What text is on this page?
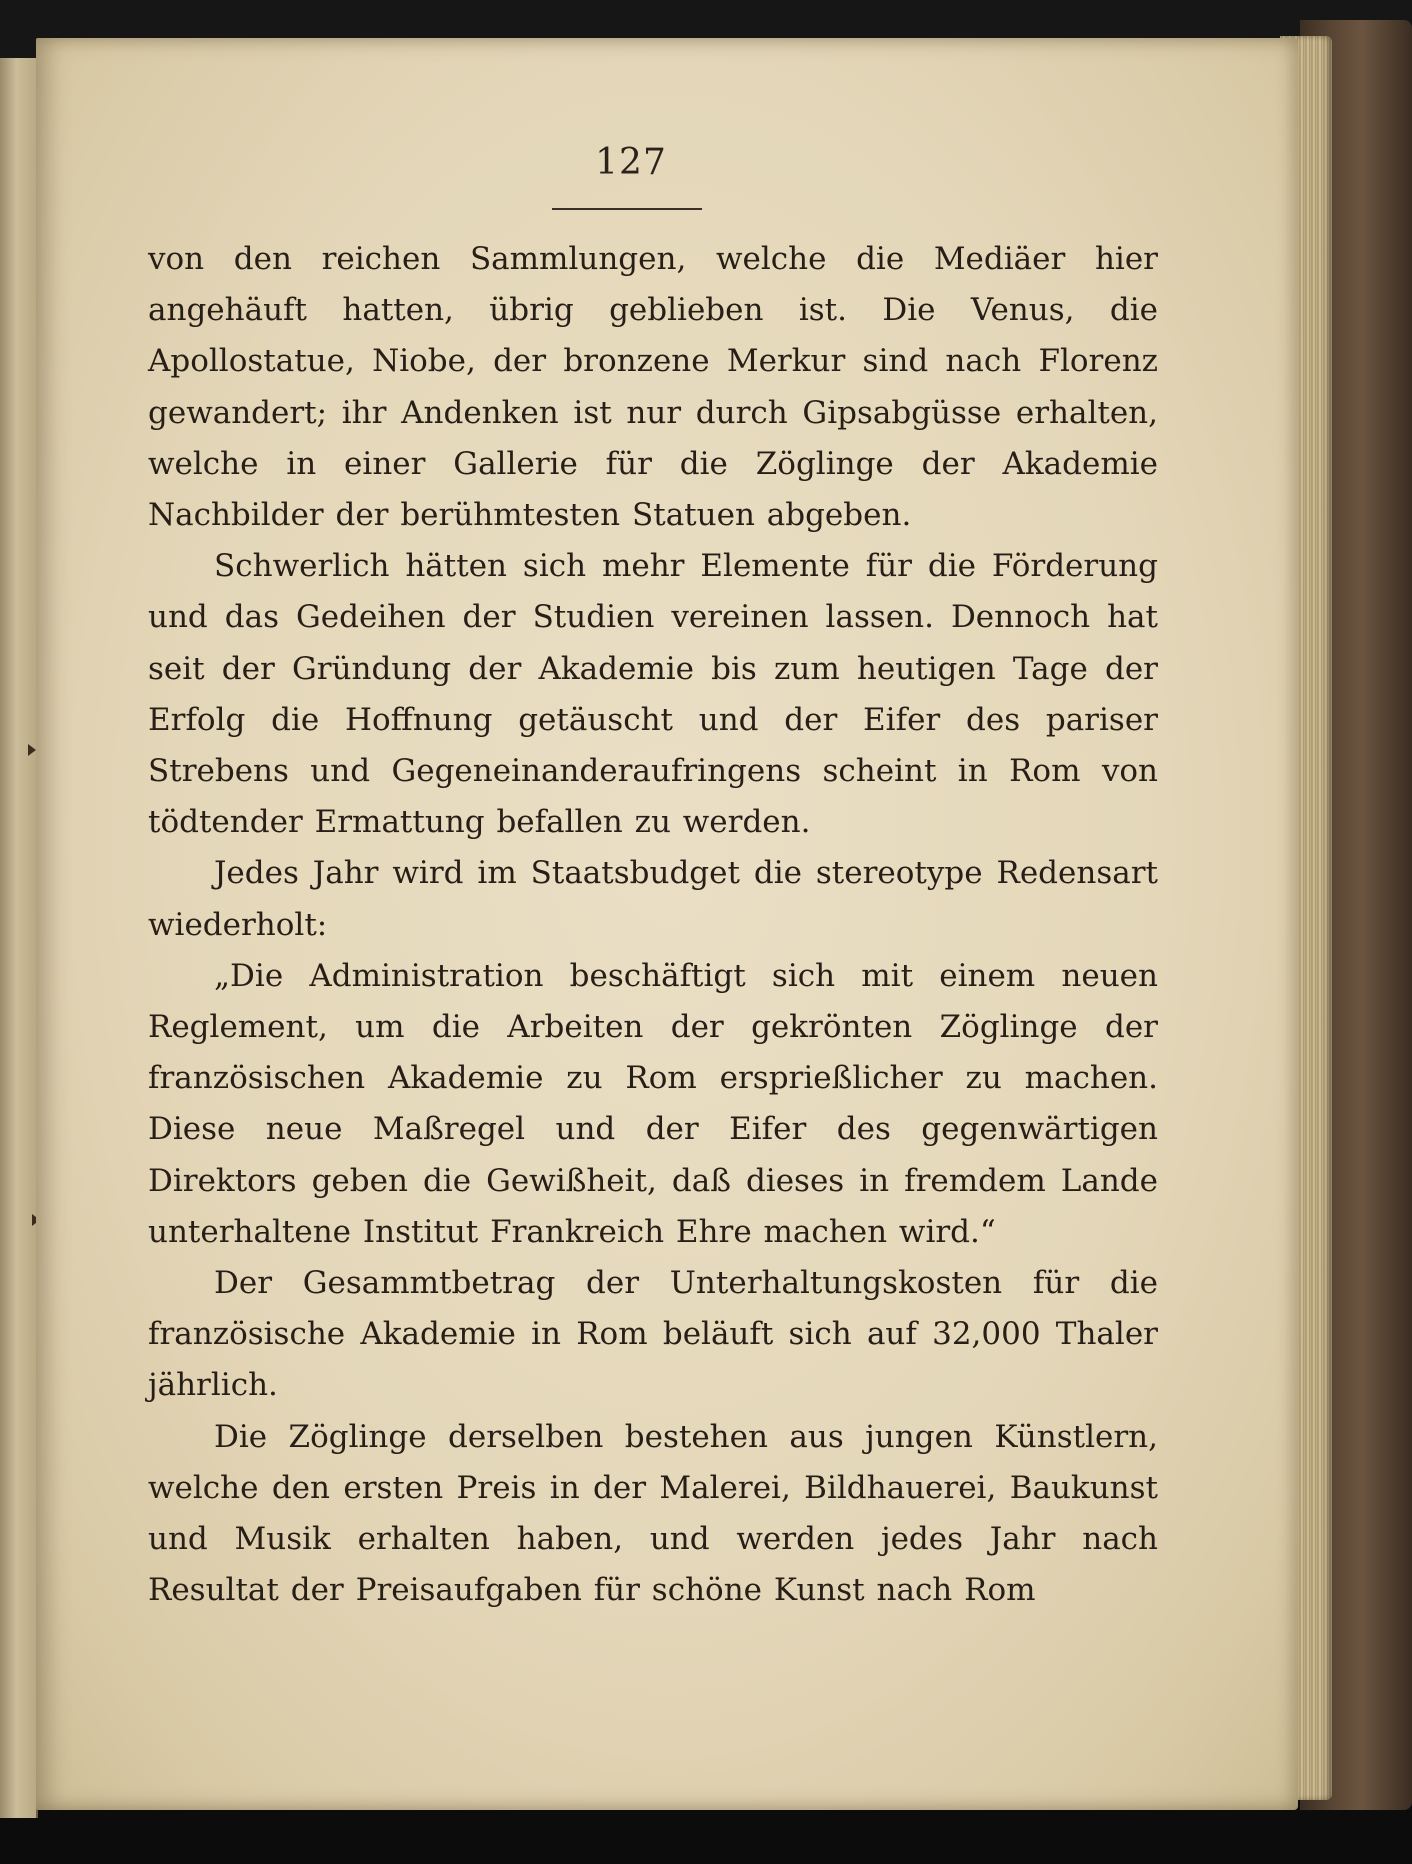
127

von den reichen Sammlungen, welche die Mediäer hier angehäuft hatten, übrig geblieben ist. Die Venus, die Apollostatue, Niobe, der bronzene Merkur sind nach Florenz gewandert; ihr Andenken ist nur durch Gipsabgüsse erhalten, welche in einer Gallerie für die Zöglinge der Akademie Nachbilder der berühmtesten Statuen abgeben.

Schwerlich hätten sich mehr Elemente für die Förderung und das Gedeihen der Studien vereinen lassen. Dennoch hat seit der Gründung der Akademie bis zum heutigen Tage der Erfolg die Hoffnung getäuscht und der Eifer des pariser Strebens und Gegeneinanderaufringens scheint in Rom von tödtender Ermattung befallen zu werden.

Jedes Jahr wird im Staatsbudget die stereotype Redensart wiederholt:

„Die Administration beschäftigt sich mit einem neuen Reglement, um die Arbeiten der gekrönten Zöglinge der französischen Akademie zu Rom ersprießlicher zu machen. Diese neue Maßregel und der Eifer des gegenwärtigen Direktors geben die Gewißheit, daß dieses in fremdem Lande unterhaltene Institut Frankreich Ehre machen wird.“

Der Gesammtbetrag der Unterhaltungskosten für die französische Akademie in Rom beläuft sich auf 32,000 Thaler jährlich.

Die Zöglinge derselben bestehen aus jungen Künstlern, welche den ersten Preis in der Malerei, Bildhauerei, Baukunst und Musik erhalten haben, und werden jedes Jahr nach Resultat der Preisaufgaben für schöne Kunst nach Rom
